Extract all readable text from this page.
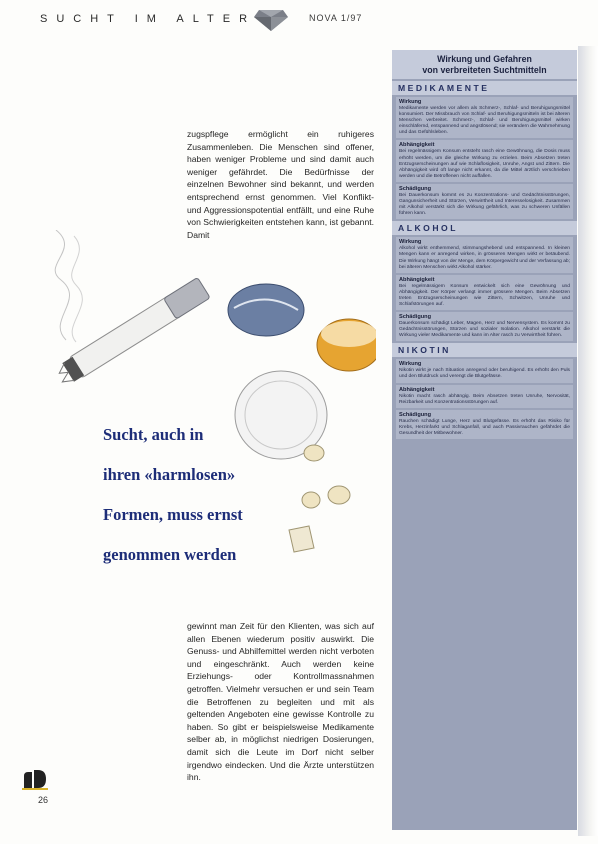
SUCHT IM ALTER	NOVA 1/97

zugspflege ermöglicht ein ruhigeres Zusammenleben. Die Menschen sind offener, haben weniger Probleme und sind damit auch weniger gefährdet. Die Bedürfnisse der einzelnen Bewohner sind bekannt, und werden entsprechend ernst genommen. Viel Konflikt- und Aggressionspotential entfällt, und eine Ruhe von Schwierigkeiten entstehen kann, ist gebannt. Damit

Sucht, auch in
ihren «harmlosen»
Formen, muss ernst
genommen werden

gewinnt man Zeit für den Klienten, was sich auf allen Ebenen wiederum positiv auswirkt. Die Genuss- und Abhilfemittel werden nicht verboten und eingeschränkt. Auch werden keine Erziehungs- oder Kontrollmassnahmen getroffen. Vielmehr versuchen er und sein Team die Betroffenen zu begleiten und mit als geltenden Angeboten eine gewisse Kontrolle zu haben. So gibt er beispielsweise Medikamente selber ab, in möglichst niedrigen Dosierungen, damit sich die Leute im Dorf nicht selber irgendwo eindecken. Und die Ärzte unterstützen ihn.

26
Wirkung und Gefahren
von verbreiteten Suchtmitteln
MEDIKAMENTE
Wirkung
Medikamente werden vor allem als Schmerz-, Schlaf- und Beruhigungsmittel konsumiert. Der Missbrauch von Schlaf- und Beruhigungsmitteln ist bei älteren Menschen verbreitet. Schmerz-, Schlaf- und Beruhigungsmittel wirken einschläfernd, entspannend und angstlösend; sie verändern die Wahrnehmung und das Gefühlsleben.
Abhängigkeit
Bei regelmässigem Konsum entsteht rasch eine Gewöhnung, die Dosis muss erhöht werden, um die gleiche Wirkung zu erzielen. Beim Absetzen treten Entzugserscheinungen auf wie Schlaflosigkeit, Unruhe, Angst und Zittern. Die Abhängigkeit wird oft lange nicht erkannt, da die Mittel ärztlich verschrieben werden und die Betroffenen nicht auffallen.
Schädigung
Bei Dauerkonsum kommt es zu Konzentrations- und Gedächtnisstörungen, Gangunsicherheit und Stürzen, Verwirrtheit und Interesselosigkeit. Zusammen mit Alkohol verstärkt sich die Wirkung gefährlich, was zu schweren Unfällen führen kann.
ALKOHOL
Wirkung
Alkohol wirkt enthemmend, stimmungshebend und entspannend. In kleinen Mengen kann er anregend wirken, in grösseren Mengen wirkt er betäubend. Die Wirkung hängt von der Menge, dem Körpergewicht und der Verfassung ab; bei älteren Menschen wirkt Alkohol stärker.
Abhängigkeit
Bei regelmässigem Konsum entwickelt sich eine Gewöhnung und Abhängigkeit. Der Körper verlangt immer grössere Mengen. Beim Absetzen treten Entzugserscheinungen wie Zittern, Schwitzen, Unruhe und Schlafstörungen auf.
Schädigung
Dauerkonsum schädigt Leber, Magen, Herz und Nervensystem. Es kommt zu Gedächtnisstörungen, Stürzen und sozialer Isolation. Alkohol verstärkt die Wirkung vieler Medikamente und kann im Alter rasch zu Verwirrtheit führen.
NIKOTIN
Wirkung
Nikotin wirkt je nach Situation anregend oder beruhigend. Es erhöht den Puls und den Blutdruck und verengt die Blutgefässe.
Abhängigkeit
Nikotin macht rasch abhängig. Beim Absetzen treten Unruhe, Nervosität, Reizbarkeit und Konzentrationsstörungen auf.
Schädigung
Rauchen schädigt Lunge, Herz und Blutgefässe. Es erhöht das Risiko für Krebs, Herzinfarkt und Schlaganfall, und auch Passivrauchen gefährdet die Gesundheit der Mitbewohner.
